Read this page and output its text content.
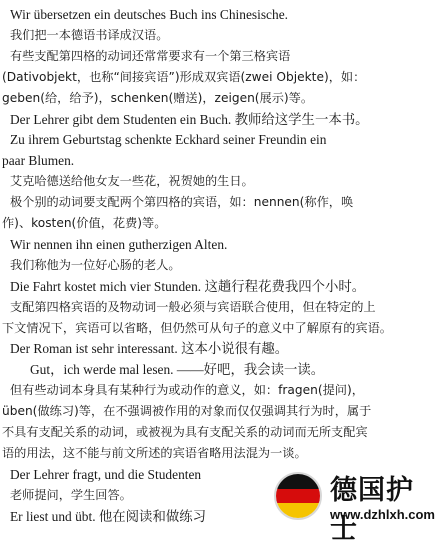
Wir übersetzen ein deutsches Buch ins Chinesische.
我们把一本德语书译成汉语。
有些支配第四格的动词还常常要求有一个第三格宾语
(Dativobjekt，也称“间接宾语”)形成双宾语(zwei Objekte)，如：
geben(给，给予)，schenken(赠送)，zeigen(展示)等。
Der Lehrer gibt dem Studenten ein Buch. 教师给这学生一本书。
Zu ihrem Geburtstag schenkte Eckhard seiner Freundin ein
paar Blumen.
艾克哈德送给他女友一些花，祝贺她的生日。
极个别的动词要支配两个第四格的宾语，如：nennen(称作，唤
作)、kosten(价值，花费)等。
Wir nennen ihn einen gutherzigen Alten.
我们称他为一位好心肠的老人。
Die Fahrt kostet mich vier Stunden. 这趟行程花费我四个小时。
支配第四格宾语的及物动词一般必须与宾语联合使用，但在特定的上
下文情况下，宾语可以省略，但仍然可从句子的意义中了解原有的宾语。
Der Roman ist sehr interessant. 这本小说很有趣。
Gut，ich werde mal lesen. ——好吧，我会读一读。
但有些动词本身具有某种行为或动作的意义，如：fragen(提问)，
üben(做练习)等，在不强调被作用的对象而仅仅强调其行为时，属于
不具有支配关系的动词，或被视为具有支配关系的动词而无所支配宾
语的用法，这不能与前文所述的宾语省略用法混为一谈。
Der Lehrer fragt, und die Studenten
老师提问，学生回答。
Er liest und übt. 他在阅读和做练习
德国护士
www.dzhlxh.com
